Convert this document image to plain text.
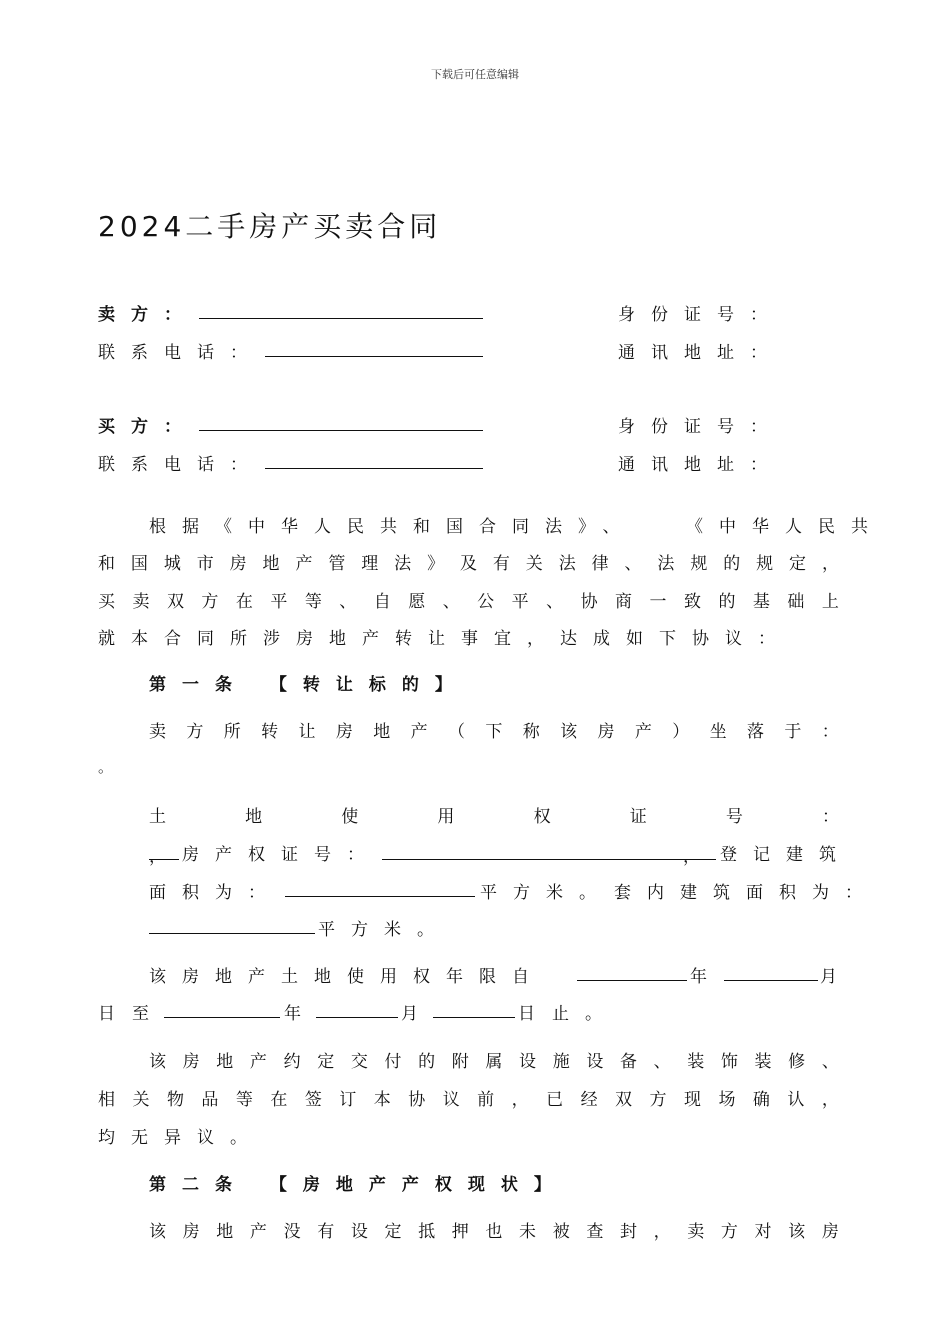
下载后可任意编辑
2024二手房产买卖合同
卖方：	身份证号：
联系电话：	通讯地址：
买方：	身份证号：
联系电话：	通讯地址：
根据《中华人民共和国合同法》、	《中华人民共
和 国 城 市 房 地 产 管 理 法 》 及 有 关 法 律 、 法 规 的 规 定 ，
买 卖 双 方 在 平 等 、 自 愿 、 公 平 、 协 商 一 致 的 基 础 上
就本合同所涉房地产转让事宜，达成如下协议：
第一条 【转让标的】
卖 方 所 转 让 房 地 产 （ 下 称 该 房 产 ） 坐 落 于 ：
。
土	地	使	用	权	证	号	：
， 房产权证号：	，	登记建筑
面积为：	平方米。 套内建筑面积为：
平方米。
该房地产土地使用权年限自	年	月
日 至	年	月	日 止。
该 房 地 产 约 定 交 付 的 附 属 设 施 设 备 、 装 饰 装 修 、
相 关 物 品 等 在 签 订 本 协 议 前 ， 已 经 双 方 现 场 确 认 ，
均无异议。
第二条 【房地产产权现状】
该 房 地 产 没 有 设 定 抵 押 也 未 被 查 封 ， 卖 方 对 该 房
